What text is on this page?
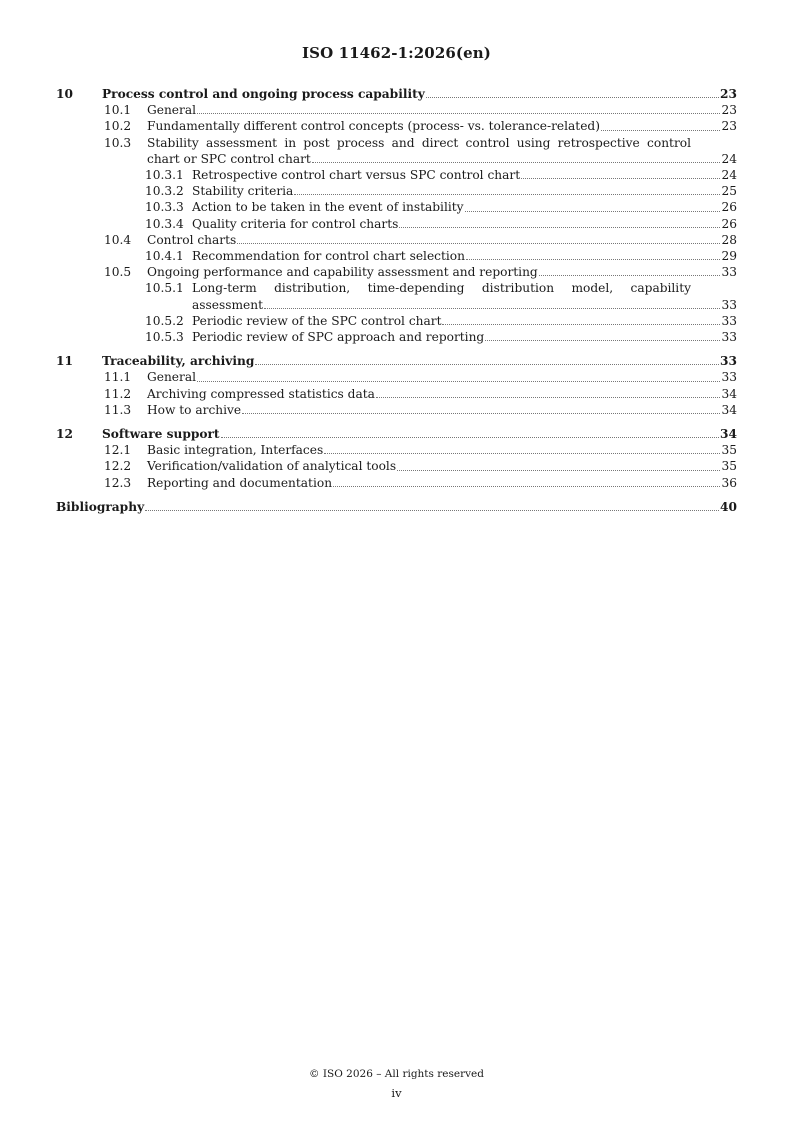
ISO 11462-1:2026(en)
10	Process control and ongoing process capability	23
10.1	General	23
10.2	Fundamentally different control concepts (process- vs. tolerance-related)	23
10.3	Stability assessment in post process and direct control using retrospective control
chart or SPC control chart	24
10.3.1 Retrospective control chart versus SPC control chart	24
10.3.2 Stability criteria	25
10.3.3 Action to be taken in the event of instability	26
10.3.4 Quality criteria for control charts	26
10.4	Control charts	28
10.4.1 Recommendation for control chart selection	29
10.5	Ongoing performance and capability assessment and reporting	33
10.5.1 Long-term distribution, time-depending distribution model, capability
assessment	33
10.5.2 Periodic review of the SPC control chart	33
10.5.3 Periodic review of SPC approach and reporting	33
11	Traceability, archiving	33
11.1	General	33
11.2	Archiving compressed statistics data	34
11.3	How to archive	34
12	Software support	34
12.1	Basic integration, Interfaces	35
12.2	Verification/validation of analytical tools	35
12.3	Reporting and documentation	36
Bibliography	40
© ISO 2026 – All rights reserved
iv
